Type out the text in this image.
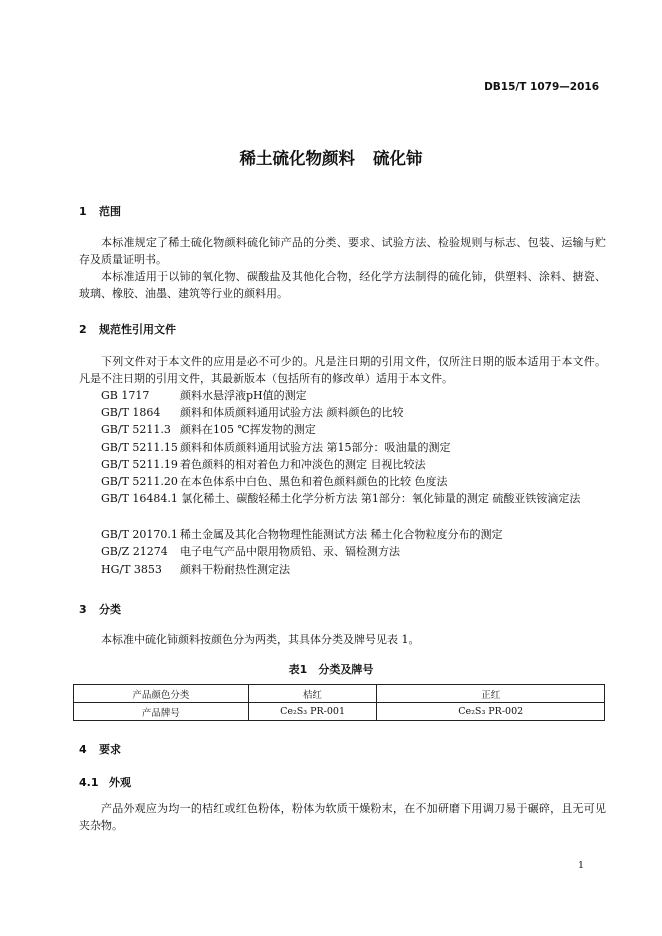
DB15/T 1079—2016
稀土硫化物颜料 硫化铈
1 范围
本标准规定了稀土硫化物颜料硫化铈产品的分类、要求、试验方法、检验规则与标志、包装、运输与贮存及质量证明书。
本标准适用于以铈的氧化物、碳酸盐及其他化合物，经化学方法制得的硫化铈，供塑料、涂料、搪瓷、玻璃、橡胶、油墨、建筑等行业的颜料用。
2 规范性引用文件
下列文件对于本文件的应用是必不可少的。凡是注日期的引用文件，仅所注日期的版本适用于本文件。凡是不注日期的引用文件，其最新版本（包括所有的修改单）适用于本文件。
GB 1717	颜料水悬浮液pH值的测定
GB/T 1864 颜料和体质颜料通用试验方法 颜料颜色的比较
GB/T 5211.3 颜料在105 ℃挥发物的测定
GB/T 5211.15 颜料和体质颜料通用试验方法 第15部分：吸油量的测定
GB/T 5211.19 着色颜料的相对着色力和冲淡色的测定 目视比较法
GB/T 5211.20 在本色体系中白色、黑色和着色颜料颜色的比较 色度法
GB/T 16484.1 氯化稀土、碳酸轻稀土化学分析方法 第1部分：氧化铈量的测定 硫酸亚铁铵滴定法
GB/T 20170.1 稀土金属及其化合物物理性能测试方法 稀土化合物粒度分布的测定
GB/Z 21274 电子电气产品中限用物质铅、汞、镉检测方法
HG/T 3853 颜料干粉耐热性测定法
3 分类
本标准中硫化铈颜料按颜色分为两类，其具体分类及牌号见表 1。
表1　分类及牌号
产品颜色分类	桔红	正红
产品牌号	Ce₂S₃ PR-001	Ce₂S₃ PR-002
4 要求
4.1 外观
产品外观应为均一的桔红或红色粉体，粉体为软质干燥粉末，在不加研磨下用调刀易于碾碎，且无可见夹杂物。
1
